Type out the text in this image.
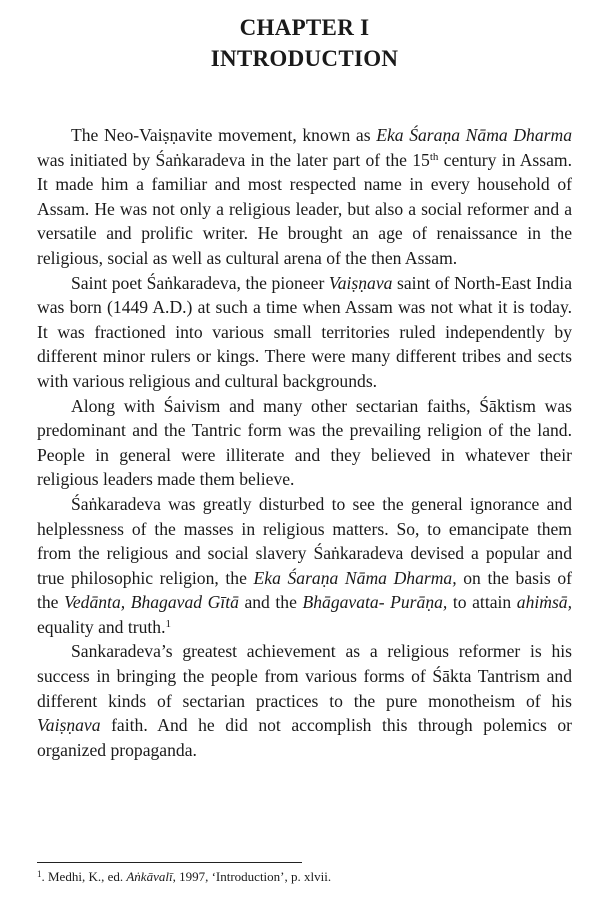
CHAPTER I
INTRODUCTION

The Neo-Vaiṣṇavite movement, known as Eka Śaraṇa Nāma Dharma was initiated by Śaṅkaradeva in the later part of the 15th century in Assam. It made him a familiar and most respected name in every household of Assam. He was not only a religious leader, but also a social reformer and a versatile and prolific writer. He brought an age of renaissance in the religious, social as well as cultural arena of the then Assam.

Saint poet Śaṅkaradeva, the pioneer Vaiṣṇava saint of North-East India was born (1449 A.D.) at such a time when Assam was not what it is today. It was fractioned into various small territories ruled independently by different minor rulers or kings. There were many different tribes and sects with various religious and cultural backgrounds.

Along with Śaivism and many other sectarian faiths, Śāktism was predominant and the Tantric form was the prevailing religion of the land. People in general were illiterate and they believed in whatever their religious leaders made them believe.

Śaṅkaradeva was greatly disturbed to see the general ignorance and helplessness of the masses in religious matters. So, to emancipate them from the religious and social slavery Śaṅkaradeva devised a popular and true philosophic religion, the Eka Śaraṇa Nāma Dharma, on the basis of the Vedānta, Bhagavad Gītā and the Bhāgavata- Purāṇa, to attain ahiṁsā, equality and truth.$^1$

Sankaradeva’s greatest achievement as a religious reformer is his success in bringing the people from various forms of Śākta Tantrism and different kinds of sectarian practices to the pure monotheism of his Vaiṣṇava faith. And he did not accomplish this through polemics or organized propaganda.

$^1$. Medhi, K., ed. Aṅkāvalī, 1997, ‘Introduction’, p. xlvii.
